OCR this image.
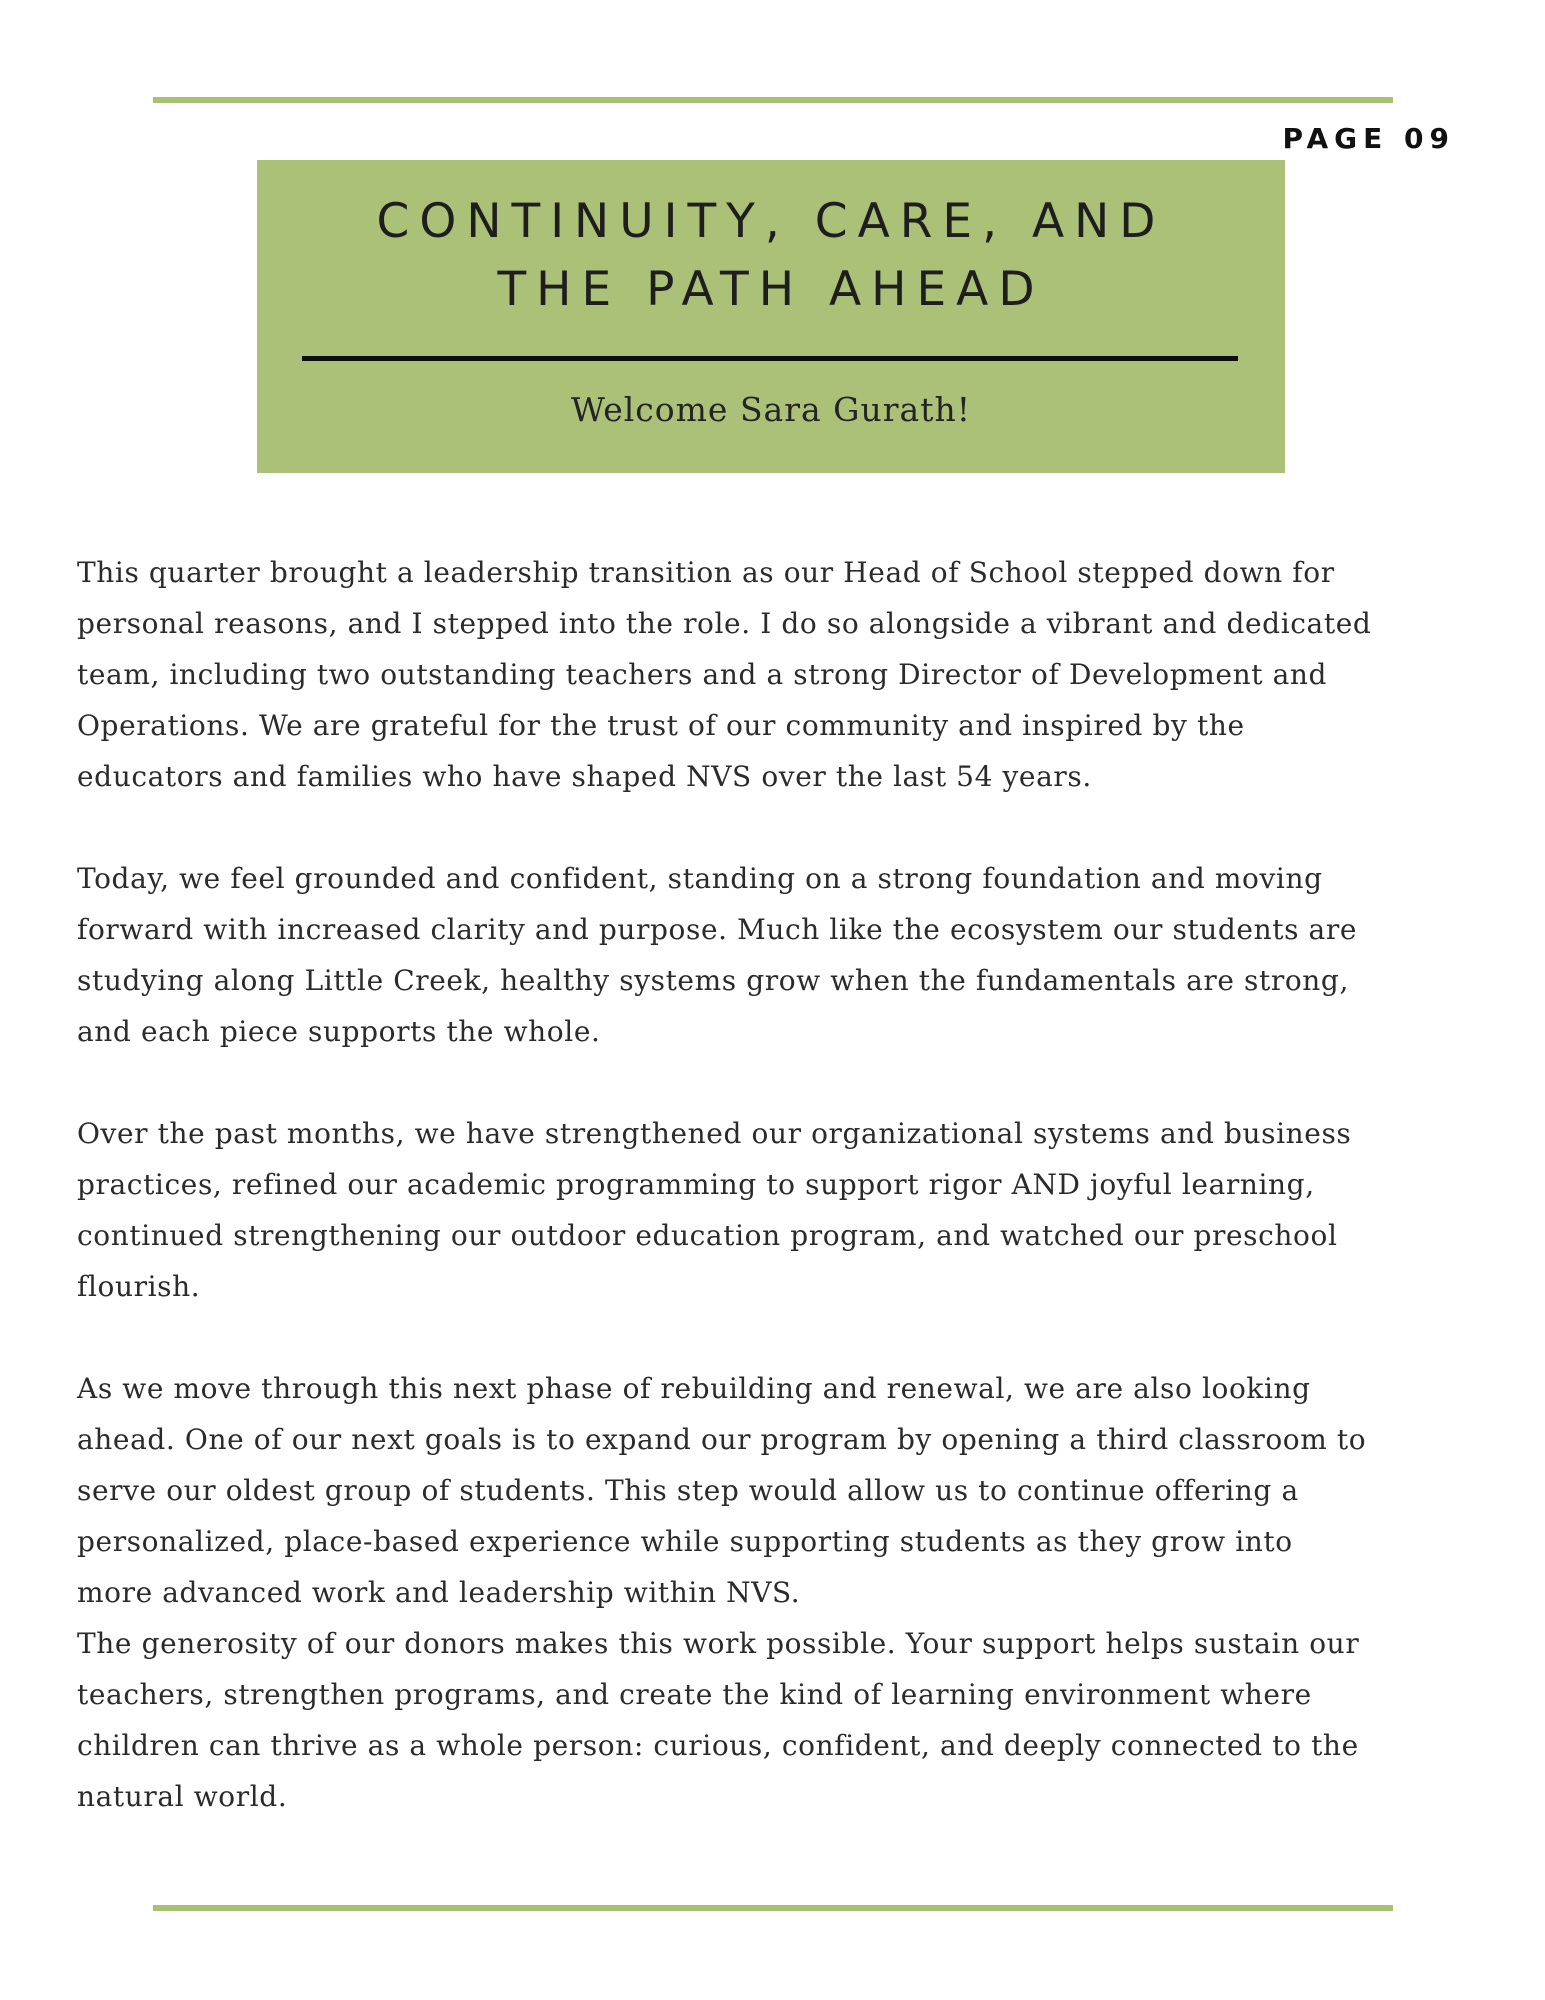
PAGE 09
CONTINUITY, CARE, AND
THE PATH AHEAD
Welcome Sara Gurath!

This quarter brought a leadership transition as our Head of School stepped down for
personal reasons, and I stepped into the role. I do so alongside a vibrant and dedicated
team, including two outstanding teachers and a strong Director of Development and
Operations. We are grateful for the trust of our community and inspired by the
educators and families who have shaped NVS over the last 54 years.

Today, we feel grounded and confident, standing on a strong foundation and moving
forward with increased clarity and purpose. Much like the ecosystem our students are
studying along Little Creek, healthy systems grow when the fundamentals are strong,
and each piece supports the whole.

Over the past months, we have strengthened our organizational systems and business
practices, refined our academic programming to support rigor AND joyful learning,
continued strengthening our outdoor education program, and watched our preschool
flourish.

As we move through this next phase of rebuilding and renewal, we are also looking
ahead. One of our next goals is to expand our program by opening a third classroom to
serve our oldest group of students. This step would allow us to continue offering a
personalized, place-based experience while supporting students as they grow into
more advanced work and leadership within NVS.

The generosity of our donors makes this work possible. Your support helps sustain our
teachers, strengthen programs, and create the kind of learning environment where
children can thrive as a whole person: curious, confident, and deeply connected to the
natural world.
